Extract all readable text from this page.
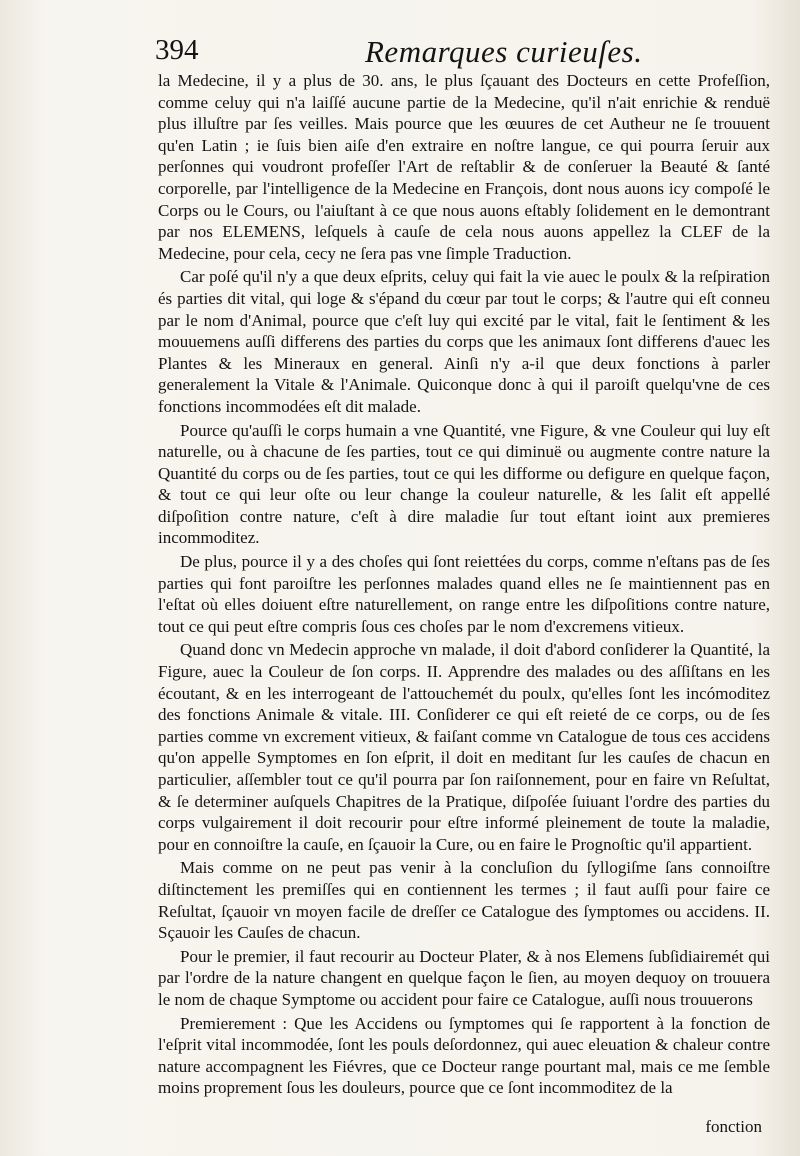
394	Remarques curieuſes.

la Medecine, il y a plus de 30. ans, le plus ſçauant des Docteurs en cette Profeſſion, comme celuy qui n'a laiſſé aucune partie de la Medecine, qu'il n'ait enrichie & renduë plus illuſtre par ſes veilles. Mais pource que les œuures de cet Autheur ne ſe trouuent qu'en Latin ; ie ſuis bien aiſe d'en extraire en noſtre langue, ce qui pourra ſeruir aux perſonnes qui voudront profeſſer l'Art de reſtablir & de conſeruer la Beauté & ſanté corporelle, par l'intelligence de la Medecine en François, dont nous auons icy compoſé le Corps ou le Cours, ou l'aiuſtant à ce que nous auons eſtably ſolidement en le demontrant par nos ELEMENS, leſquels à cauſe de cela nous auons appellez la CLEF de la Medecine, pour cela, cecy ne ſera pas vne ſimple Traduction.

Car poſé qu'il n'y a que deux eſprits, celuy qui fait la vie auec le poulx & la reſpiration és parties dit vital, qui loge & s'épand du cœur par tout le corps; & l'autre qui eſt conneu par le nom d'Animal, pource que c'eſt luy qui excité par le vital, fait le ſentiment & les mouuemens auſſi differens des parties du corps que les animaux ſont differens d'auec les Plantes & les Mineraux en general. Ainſi n'y a-il que deux fonctions à parler generalement la Vitale & l'Animale. Quiconque donc à qui il paroiſt quelqu'vne de ces fonctions incommodées eſt dit malade.

Pource qu'auſſi le corps humain a vne Quantité, vne Figure, & vne Couleur qui luy eſt naturelle, ou à chacune de ſes parties, tout ce qui diminuë ou augmente contre nature la Quantité du corps ou de ſes parties, tout ce qui les difforme ou defigure en quelque façon, & tout ce qui leur oſte ou leur change la couleur naturelle, & les ſalit eſt appellé diſpoſition contre nature, c'eſt à dire maladie ſur tout eſtant ioint aux premieres incommoditez.

De plus, pource il y a des choſes qui ſont reiettées du corps, comme n'eſtans pas de ſes parties qui font paroiſtre les perſonnes malades quand elles ne ſe maintiennent pas en l'eſtat où elles doiuent eſtre naturellement, on range entre les diſpoſitions contre nature, tout ce qui peut eſtre compris ſous ces choſes par le nom d'excremens vitieux.

Quand donc vn Medecin approche vn malade, il doit d'abord conſiderer la Quantité, la Figure, auec la Couleur de ſon corps. II. Apprendre des malades ou des aſſiſtans en les écoutant, & en les interrogeant de l'attouchemét du poulx, qu'elles ſont les incómoditez des fonctions Animale & vitale. III. Conſiderer ce qui eſt reieté de ce corps, ou de ſes parties comme vn excrement vitieux, & faiſant comme vn Catalogue de tous ces accidens qu'on appelle Symptomes en ſon eſprit, il doit en meditant ſur les cauſes de chacun en particulier, aſſembler tout ce qu'il pourra par ſon raiſonnement, pour en faire vn Reſultat, & ſe determiner auſquels Chapitres de la Pratique, diſpoſée ſuiuant l'ordre des parties du corps vulgairement il doit recourir pour eſtre informé pleinement de toute la maladie, pour en connoiſtre la cauſe, en ſçauoir la Cure, ou en faire le Prognoſtic qu'il appartient.

Mais comme on ne peut pas venir à la concluſion du ſyllogiſme ſans connoiſtre diſtinctement les premiſſes qui en contiennent les termes ; il faut auſſi pour faire ce Reſultat, ſçauoir vn moyen facile de dreſſer ce Catalogue des ſymptomes ou accidens. II. Sçauoir les Cauſes de chacun.

Pour le premier, il faut recourir au Docteur Plater, & à nos Elemens ſubſidiairemét qui par l'ordre de la nature changent en quelque façon le ſien, au moyen dequoy on trouuera le nom de chaque Symptome ou accident pour faire ce Catalogue, auſſi nous trouuerons

Premierement : Que les Accidens ou ſymptomes qui ſe rapportent à la fonction de l'eſprit vital incommodée, ſont les pouls deſordonnez, qui auec eleuation & chaleur contre nature accompagnent les Fiévres, que ce Docteur range pourtant mal, mais ce me ſemble moins proprement ſous les douleurs, pource que ce ſont incommoditez de la

fonction
